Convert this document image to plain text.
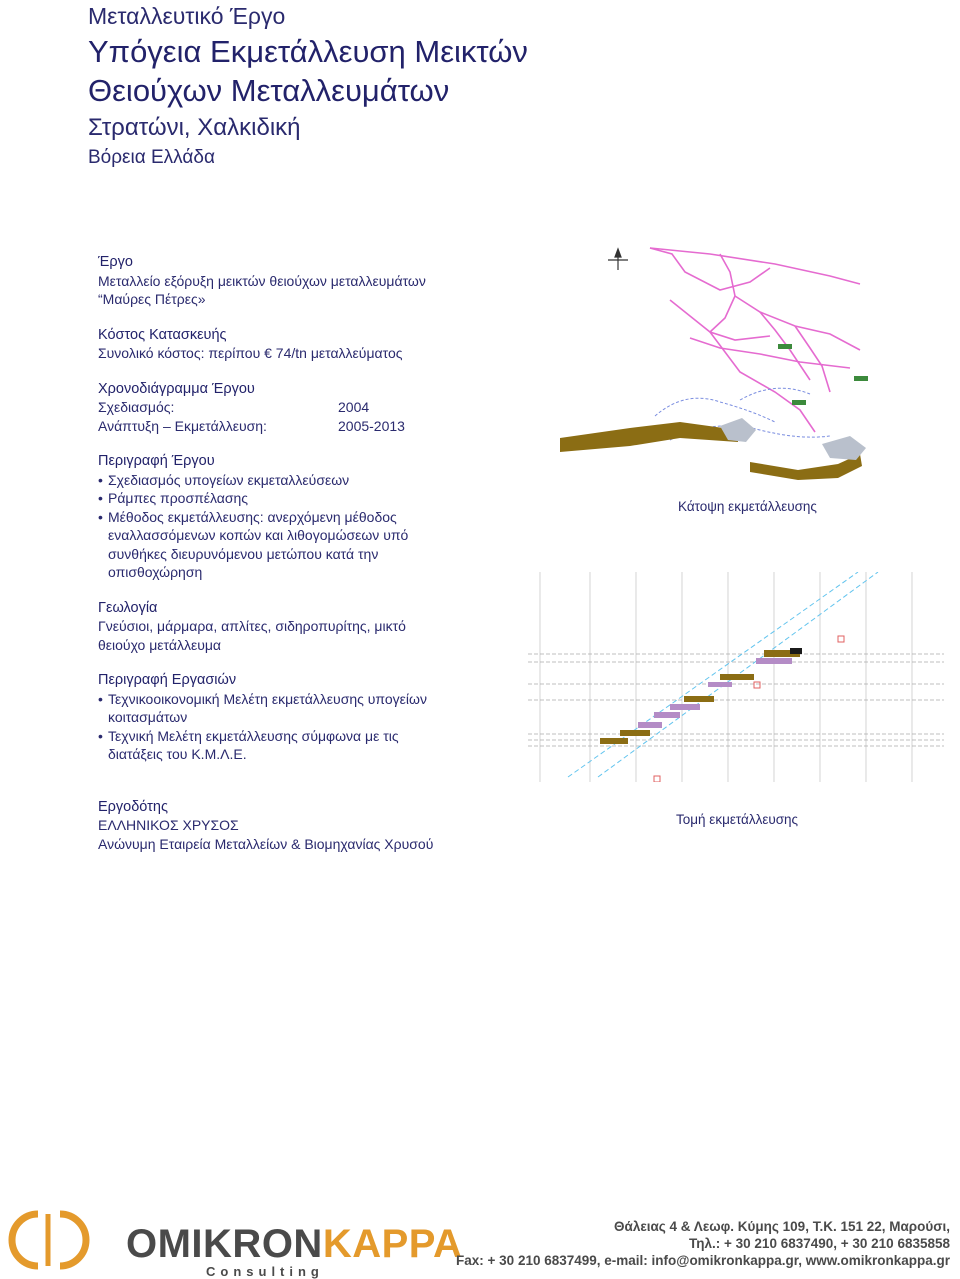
Μεταλλευτικό Έργο
Υπόγεια Εκμετάλλευση Μεικτών
Θειούχων Μεταλλευμάτων
Στρατώνι, Χαλκιδική
Βόρεια Ελλάδα
Έργο
Μεταλλείο εξόρυξη μεικτών θειούχων μεταλλευμάτων
“Μαύρες Πέτρες»
Κόστος Κατασκευής
Συνολικό κόστος: περίπου € 74/tn μεταλλεύματος
Χρονοδιάγραμμα Έργου
Σχεδιασμός:	2004
Ανάπτυξη – Εκμετάλλευση:	2005-2013
Περιγραφή Έργου
• Σχεδιασμός υπογείων εκμεταλλεύσεων
• Ράμπες προσπέλασης
• Μέθοδος εκμετάλλευσης: ανερχόμενη μέθοδος εναλλασσόμενων κοπών και λιθογομώσεων υπό συνθήκες διευρυνόμενου μετώπου κατά την οπισθοχώρηση
Γεωλογία
Γνεύσιοι, μάρμαρα, απλίτες, σιδηροπυρίτης, μικτό θειούχο μετάλλευμα
Περιγραφή Εργασιών
• Τεχνικοοικονομική Μελέτη εκμετάλλευσης υπογείων κοιτασμάτων
• Τεχνική Μελέτη εκμετάλλευσης σύμφωνα με τις διατάξεις του Κ.Μ.Λ.Ε.
Εργοδότης
ΕΛΛΗΝΙΚΟΣ ΧΡΥΣΟΣ
Ανώνυμη Εταιρεία Μεταλλείων & Βιομηχανίας Χρυσού
Κάτοψη εκμετάλλευσης
Τομή εκμετάλλευσης
OMIKRONKAPPA
Consulting
Θάλειας 4 & Λεωφ. Κύμης 109, Τ.Κ. 151 22, Μαρούσι,
Τηλ.: + 30 210 6837490, + 30 210 6835858
Fax: + 30 210 6837499, e-mail: info@omikronkappa.gr, www.omikronkappa.gr
